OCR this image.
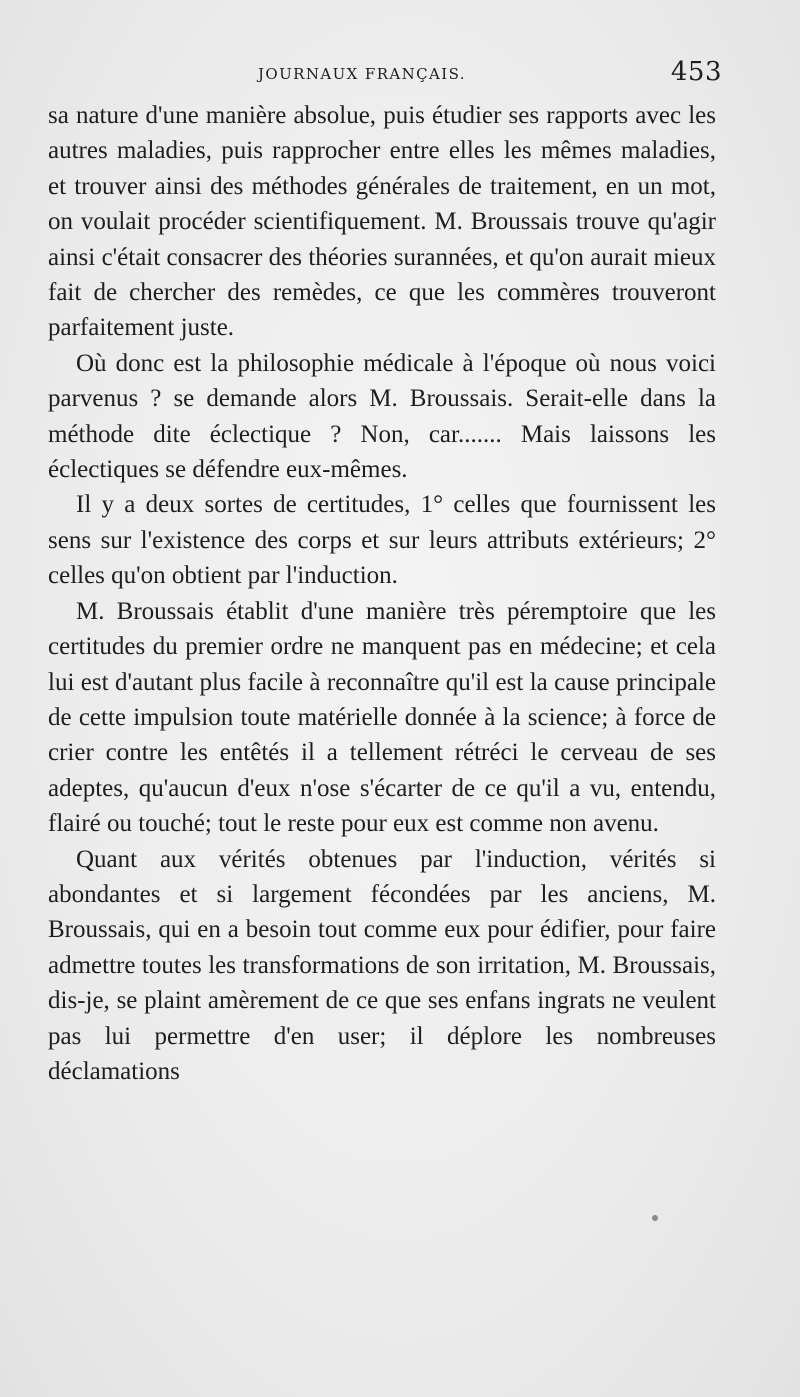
JOURNAUX FRANÇAIS.	453

sa nature d'une manière absolue, puis étudier ses rapports avec les autres maladies, puis rapprocher entre elles les mêmes maladies, et trouver ainsi des méthodes générales de traitement, en un mot, on voulait procéder scientifiquement. M. Broussais trouve qu'agir ainsi c'était consacrer des théories surannées, et qu'on aurait mieux fait de chercher des remèdes, ce que les commères trouveront parfaitement juste.

Où donc est la philosophie médicale à l'époque où nous voici parvenus ? se demande alors M. Broussais. Serait-elle dans la méthode dite éclectique ? Non, car....... Mais laissons les éclectiques se défendre eux-mêmes.

Il y a deux sortes de certitudes, 1° celles que fournissent les sens sur l'existence des corps et sur leurs attributs extérieurs; 2° celles qu'on obtient par l'induction.

M. Broussais établit d'une manière très péremptoire que les certitudes du premier ordre ne manquent pas en médecine; et cela lui est d'autant plus facile à reconnaître qu'il est la cause principale de cette impulsion toute matérielle donnée à la science; à force de crier contre les entêtés il a tellement rétréci le cerveau de ses adeptes, qu'aucun d'eux n'ose s'écarter de ce qu'il a vu, entendu, flairé ou touché; tout le reste pour eux est comme non avenu.

Quant aux vérités obtenues par l'induction, vérités si abondantes et si largement fécondées par les anciens, M. Broussais, qui en a besoin tout comme eux pour édifier, pour faire admettre toutes les transformations de son irritation, M. Broussais, dis-je, se plaint amèrement de ce que ses enfans ingrats ne veulent pas lui permettre d'en user; il déplore les nombreuses déclamations
